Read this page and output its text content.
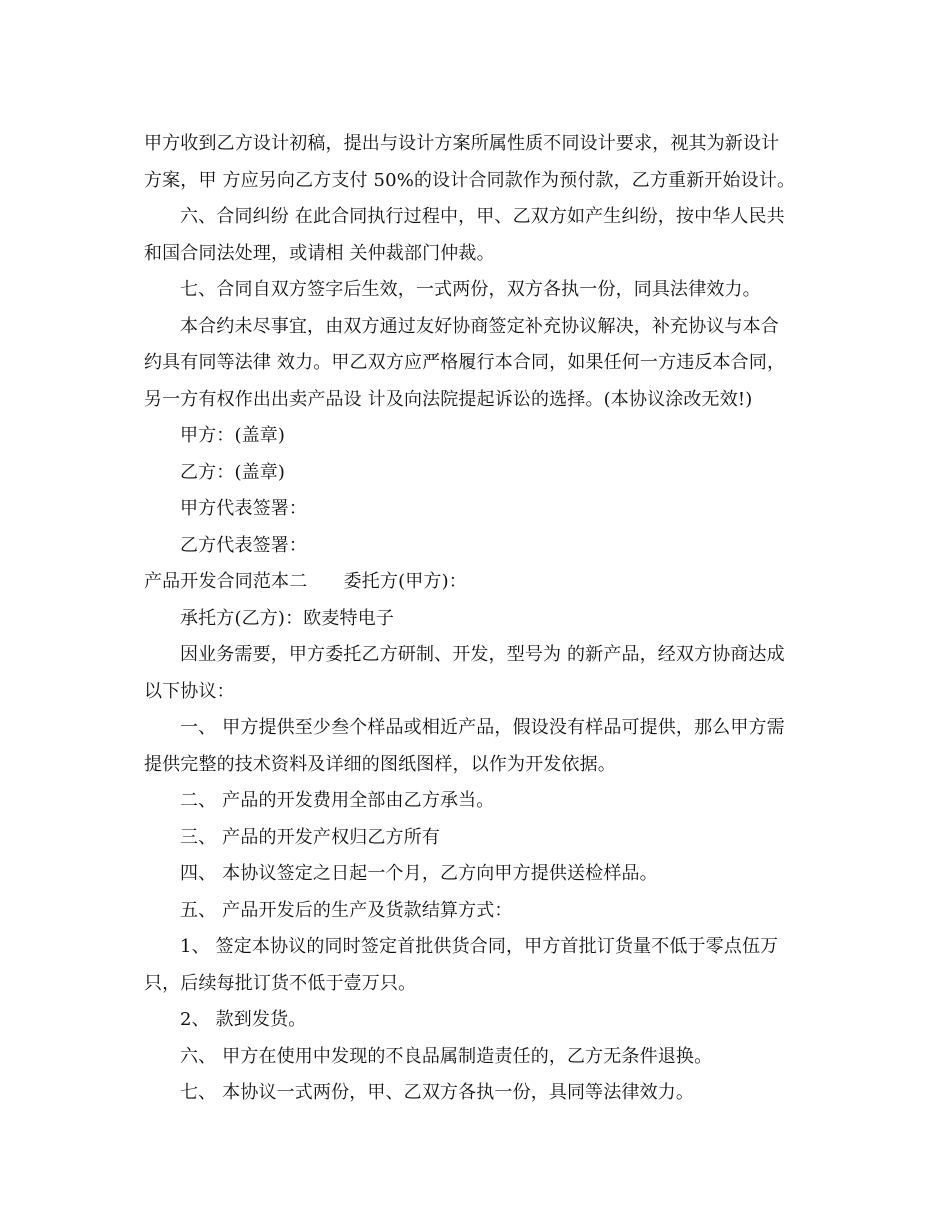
甲方收到乙方设计初稿，提出与设计方案所属性质不同设计要求，视其为新设计

方案，甲 方应另向乙方支付 50%的设计合同款作为预付款，乙方重新开始设计。

六、合同纠纷 在此合同执行过程中，甲、乙双方如产生纠纷，按中华人民共

和国合同法处理，或请相 关仲裁部门仲裁。

七、合同自双方签字后生效，一式两份，双方各执一份，同具法律效力。

本合约未尽事宜，由双方通过友好协商签定补充协议解决，补充协议与本合

约具有同等法律 效力。甲乙双方应严格履行本合同，如果任何一方违反本合同，

另一方有权作出出卖产品设 计及向法院提起诉讼的选择。(本协议涂改无效!)

甲方：(盖章)

乙方：(盖章)

甲方代表签署：

乙方代表签署：

产品开发合同范本二　　委托方(甲方)：

承托方(乙方)：欧麦特电子

因业务需要，甲方委托乙方研制、开发，型号为 的新产品，经双方协商达成

以下协议：

一、 甲方提供至少叁个样品或相近产品，假设没有样品可提供，那么甲方需

提供完整的技术资料及详细的图纸图样，以作为开发依据。

二、 产品的开发费用全部由乙方承当。

三、 产品的开发产权归乙方所有

四、 本协议签定之日起一个月，乙方向甲方提供送检样品。

五、 产品开发后的生产及货款结算方式：

1、 签定本协议的同时签定首批供货合同，甲方首批订货量不低于零点伍万

只，后续每批订货不低于壹万只。

2、 款到发货。

六、 甲方在使用中发现的不良品属制造责任的，乙方无条件退换。

七、 本协议一式两份，甲、乙双方各执一份，具同等法律效力。
